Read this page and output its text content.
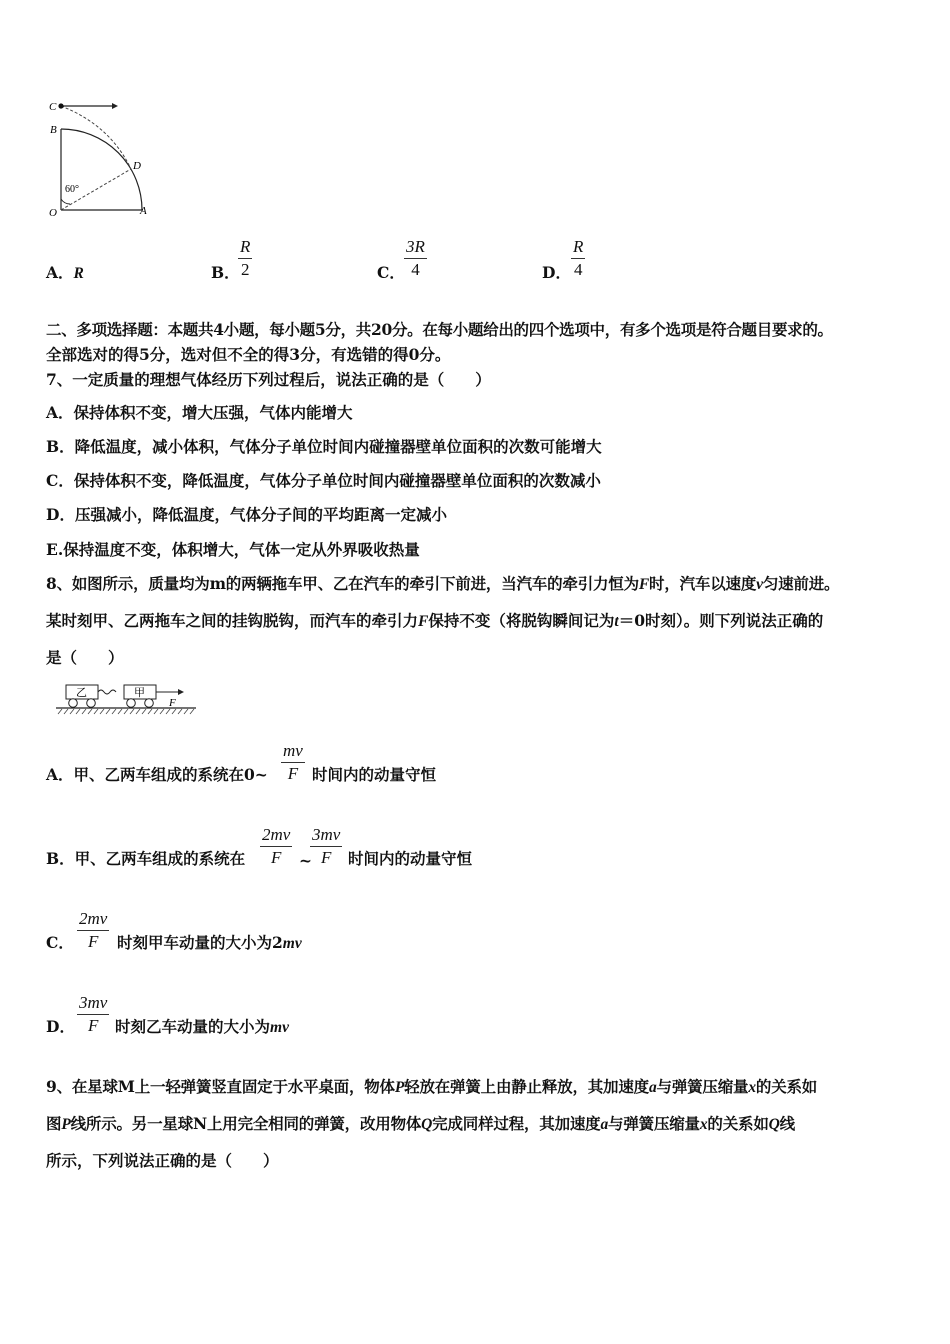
C
B
D
60°
O	A
A．R	B．
$\frac{R}{2}$	C． $\frac{3R}{4}$	D． $\frac{R}{4}$
二、多项选择题：本题共4小题，每小题5分，共20分。在每小题给出的四个选项中，有多个选项是符合题目要求的。
全部选对的得5分，选对但不全的得3分，有选错的得0分。
7、一定质量的理想气体经历下列过程后，说法正确的是（　　）
A．保持体积不变，增大压强，气体内能增大
B．降低温度，减小体积，气体分子单位时间内碰撞器壁单位面积的次数可能增大
C．保持体积不变，降低温度，气体分子单位时间内碰撞器壁单位面积的次数减小
D．压强减小，降低温度，气体分子间的平均距离一定减小
E.保持温度不变，体积增大，气体一定从外界吸收热量
8、如图所示，质量均为m的两辆拖车甲、乙在汽车的牵引下前进，当汽车的牵引力恒为F时，汽车以速度v匀速前进。
某时刻甲、乙两拖车之间的挂钩脱钩，而汽车的牵引力F保持不变（将脱钩瞬间记为t＝0时刻）。则下列说法正确的
是（　　）
乙	甲
F
A．甲、乙两车组成的系统在0~ $\frac{mv}{F}$ 时间内的动量守恒
B．甲、乙两车组成的系统在 $\frac{2mv}{F}$ ~
$\frac{3mv}{F}$ 时间内的动量守恒
C． $\frac{2mv}{F}$ 时刻甲车动量的大小为2mv
D． $\frac{3mv}{F}$ 时刻乙车动量的大小为mv
9、在星球M上一轻弹簧竖直固定于水平桌面，物体P轻放在弹簧上由静止释放，其加速度a与弹簧压缩量x的关系如
图P线所示。另一星球N上用完全相同的弹簧，改用物体Q完成同样过程，其加速度a与弹簧压缩量x的关系如Q线
所示，下列说法正确的是（　　）
